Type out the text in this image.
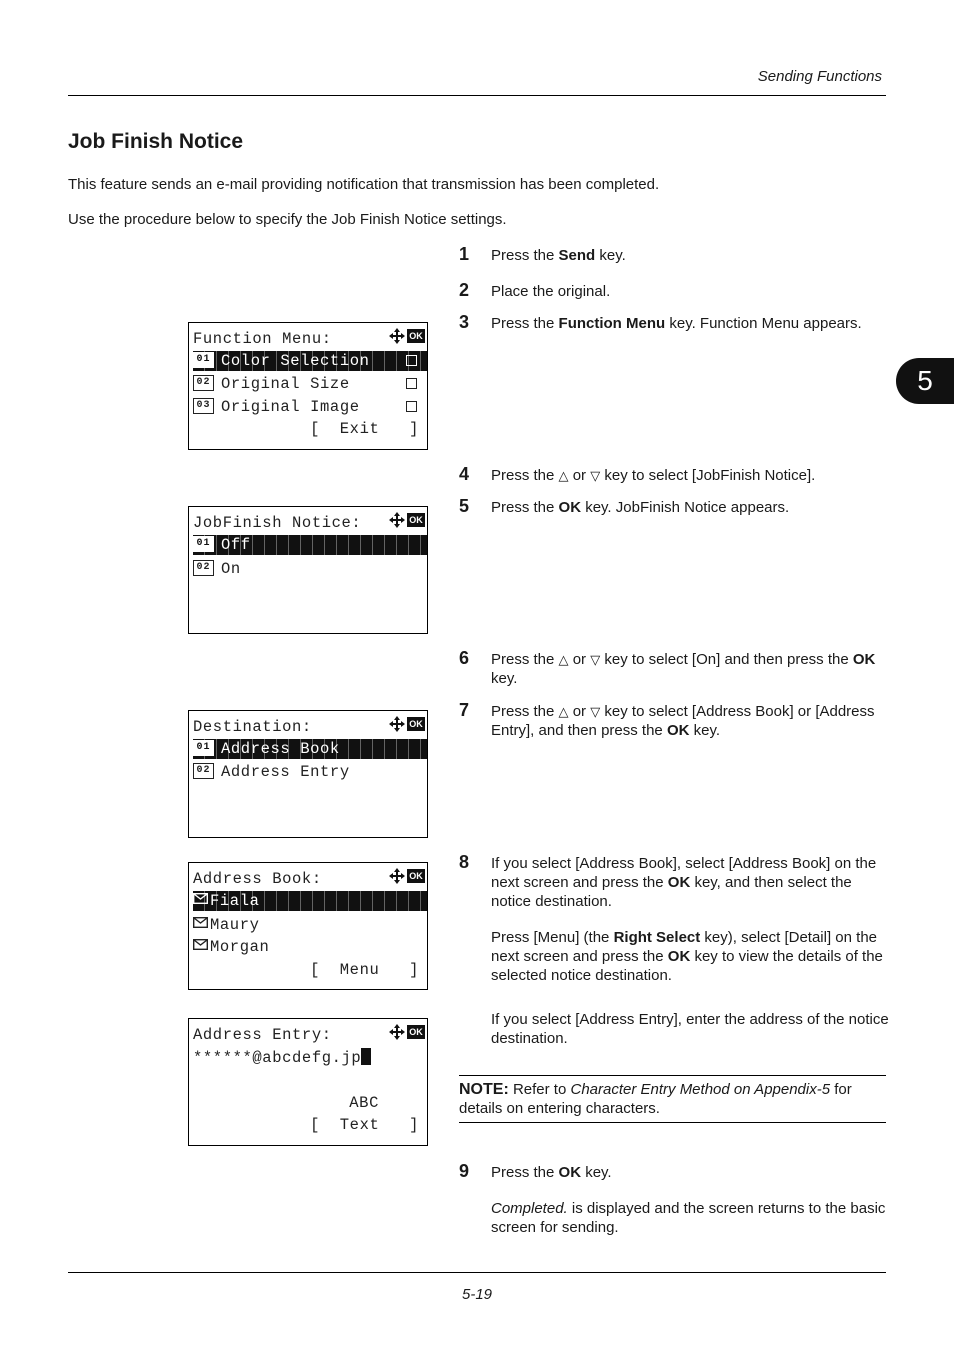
Sending Functions
5
Job Finish Notice
This feature sends an e-mail providing notification that transmission has been completed.
Use the procedure below to specify the Job Finish Notice settings.
1 Press the Send key.
2 Place the original.
3 Press the Function Menu key. Function Menu appears.
Function Menu:	OK
01 Color Selection
02 Original Size
03 Original Image
[  Exit   ]
4 Press the △ or ▽ key to select [JobFinish Notice].
5 Press the OK key. JobFinish Notice appears.
JobFinish Notice:	OK
01 Off
02 On
6 Press the △ or ▽ key to select [On] and then press the OK key.
7 Press the △ or ▽ key to select [Address Book] or [Address Entry], and then press the OK key.
Destination:	OK
01 Address Book
02 Address Entry
8 If you select [Address Book], select [Address Book] on the next screen and press the OK key, and then select the notice destination.
Press [Menu] (the Right Select key), select [Detail] on the next screen and press the OK key to view the details of the selected notice destination.
If you select [Address Entry], enter the address of the notice destination.
Address Book:	OK
Fiala
Maury
Morgan
[  Menu   ]
Address Entry:	OK
******@abcdefg.jp
ABC
[  Text   ]
NOTE: Refer to Character Entry Method on Appendix-5 for details on entering characters.
9 Press the OK key.
Completed. is displayed and the screen returns to the basic screen for sending.
5-19
